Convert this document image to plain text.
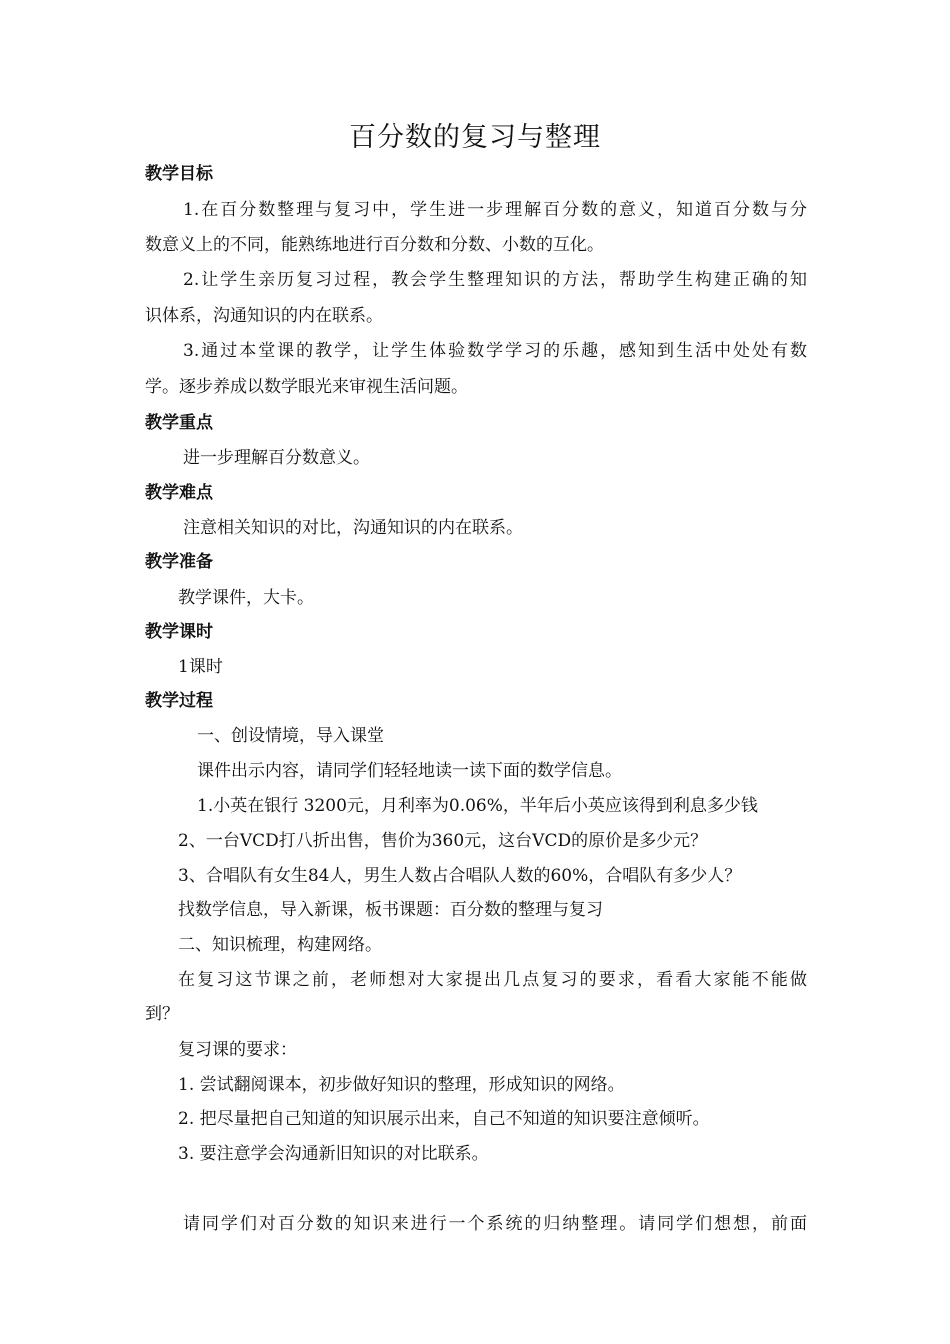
百分数的复习与整理
教学目标
1.在百分数整理与复习中，学生进一步理解百分数的意义，知道百分数与分
数意义上的不同，能熟练地进行百分数和分数、小数的互化。
2.让学生亲历复习过程，教会学生整理知识的方法，帮助学生构建正确的知
识体系，沟通知识的内在联系。
3.通过本堂课的教学，让学生体验数学学习的乐趣，感知到生活中处处有数
学。逐步养成以数学眼光来审视生活问题。
教学重点
进一步理解百分数意义。
教学难点
注意相关知识的对比，沟通知识的内在联系。
教学准备
教学课件，大卡。
教学课时
1课时
教学过程
一、创设情境，导入课堂
课件出示内容，请同学们轻轻地读一读下面的数学信息。
1.小英在银行 3200元，月利率为0.06%，半年后小英应该得到利息多少钱
2、一台VCD打八折出售，售价为360元，这台VCD的原价是多少元？
3、合唱队有女生84人，男生人数占合唱队人数的60%，合唱队有多少人？
找数学信息，导入新课，板书课题：百分数的整理与复习
二、知识梳理，构建网络。
在复习这节课之前，老师想对大家提出几点复习的要求，看看大家能不能做
到？
复习课的要求：
1. 尝试翻阅课本，初步做好知识的整理，形成知识的网络。
2. 把尽量把自己知道的知识展示出来，自己不知道的知识要注意倾听。
3. 要注意学会沟通新旧知识的对比联系。
请同学们对百分数的知识来进行一个系统的归纳整理。请同学们想想，前面
